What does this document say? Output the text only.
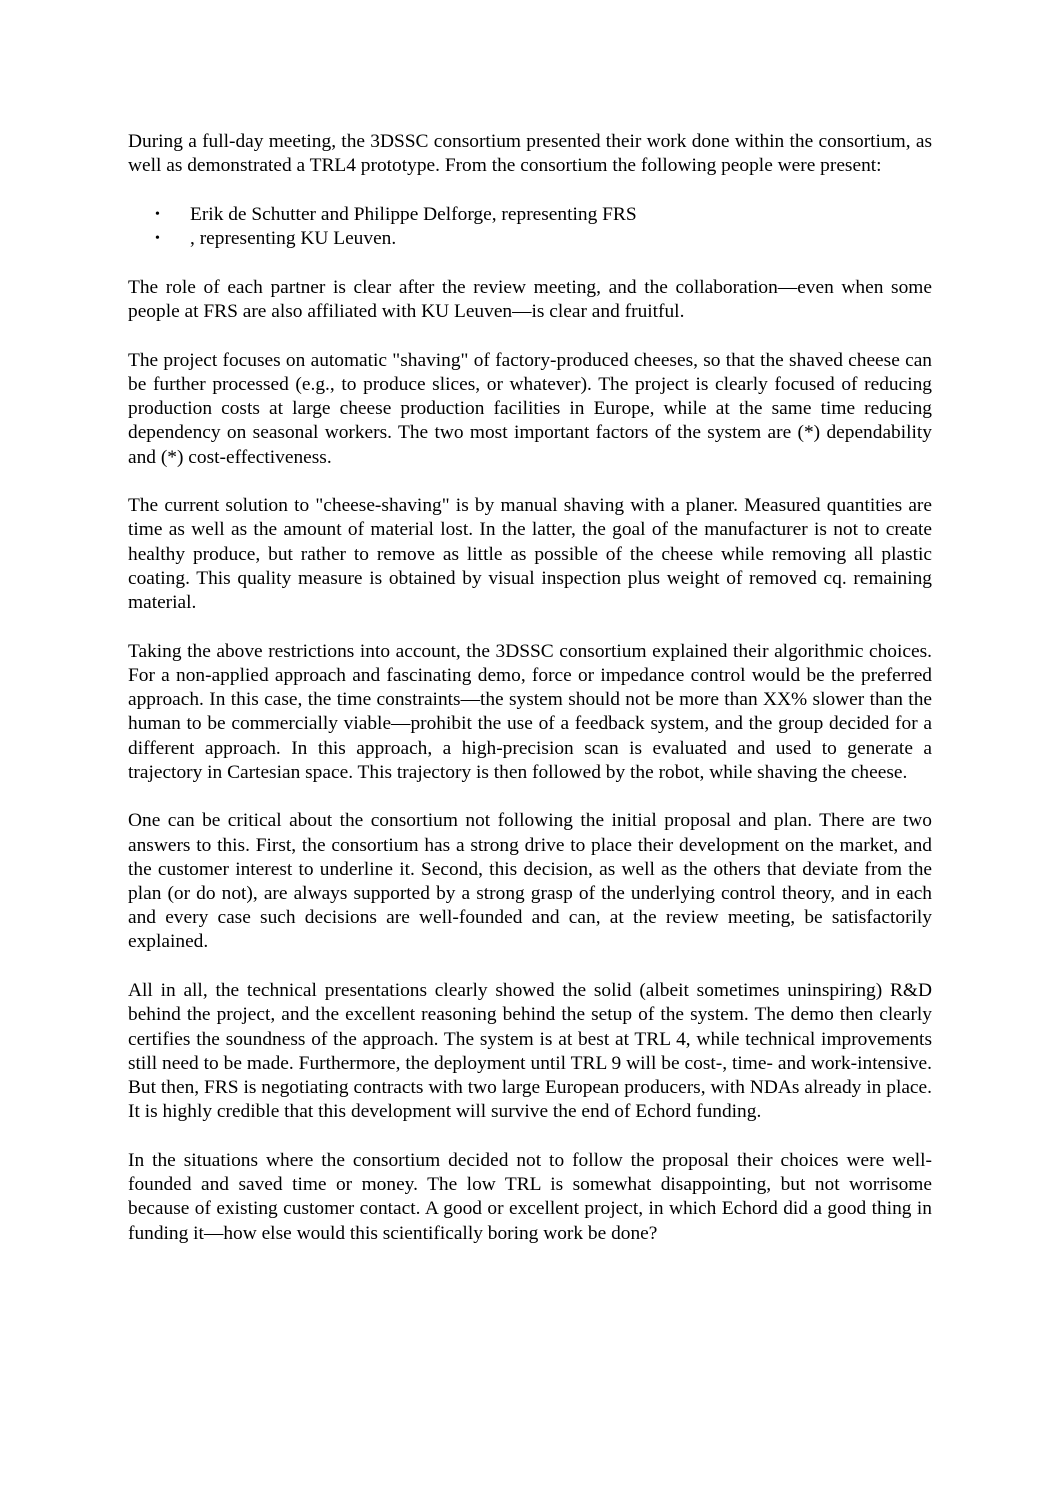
During a full-day meeting, the 3DSSC consortium presented their work done within the consortium, as well as demonstrated a TRL4 prototype. From the consortium the following people were present:

• Erik de Schutter and Philippe Delforge, representing FRS
• , representing KU Leuven.

The role of each partner is clear after the review meeting, and the collaboration—even when some people at FRS are also affiliated with KU Leuven—is clear and fruitful.

The project focuses on automatic "shaving" of factory-produced cheeses, so that the shaved cheese can be further processed (e.g., to produce slices, or whatever). The project is clearly focused of reducing production costs at large cheese production facilities in Europe, while at the same time reducing dependency on seasonal workers. The two most important factors of the system are (*) dependability and (*) cost-effectiveness.

The current solution to "cheese-shaving" is by manual shaving with a planer. Measured quantities are time as well as the amount of material lost. In the latter, the goal of the manufacturer is not to create healthy produce, but rather to remove as little as possible of the cheese while removing all plastic coating. This quality measure is obtained by visual inspection plus weight of removed cq. remaining material.

Taking the above restrictions into account, the 3DSSC consortium explained their algorithmic choices. For a non-applied approach and fascinating demo, force or impedance control would be the preferred approach. In this case, the time constraints—the system should not be more than XX% slower than the human to be commercially viable—prohibit the use of a feedback system, and the group decided for a different approach. In this approach, a high-precision scan is evaluated and used to generate a trajectory in Cartesian space. This trajectory is then followed by the robot, while shaving the cheese.

One can be critical about the consortium not following the initial proposal and plan. There are two answers to this. First, the consortium has a strong drive to place their development on the market, and the customer interest to underline it. Second, this decision, as well as the others that deviate from the plan (or do not), are always supported by a strong grasp of the underlying control theory, and in each and every case such decisions are well-founded and can, at the review meeting, be satisfactorily explained.

All in all, the technical presentations clearly showed the solid (albeit sometimes uninspiring) R&D behind the project, and the excellent reasoning behind the setup of the system. The demo then clearly certifies the soundness of the approach. The system is at best at TRL 4, while technical improvements still need to be made. Furthermore, the deployment until TRL 9 will be cost-, time- and work-intensive. But then, FRS is negotiating contracts with two large European producers, with NDAs already in place. It is highly credible that this development will survive the end of Echord funding.

In the situations where the consortium decided not to follow the proposal their choices were well-founded and saved time or money. The low TRL is somewhat disappointing, but not worrisome because of existing customer contact. A good or excellent project, in which Echord did a good thing in funding it—how else would this scientifically boring work be done?
